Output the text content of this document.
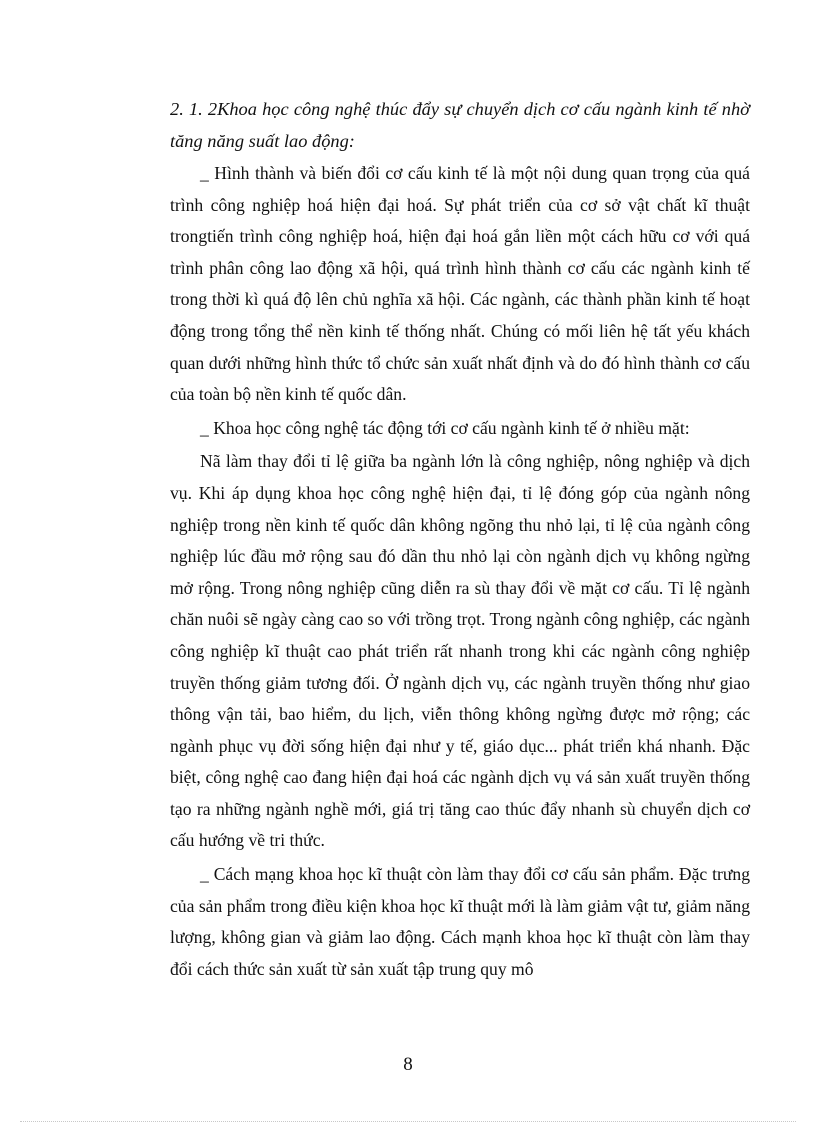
2. 1. 2Khoa học công nghệ thúc đẩy sự chuyển dịch cơ cấu ngành kinh tế nhờ tăng năng suất lao động:

_ Hình thành và biến đổi cơ cấu kinh tế là một nội dung quan trọng của quá trình công nghiệp hoá hiện đại hoá. Sự phát triển của cơ sở vật chất kĩ thuật trongtiến trình công nghiệp hoá, hiện đại hoá gắn liền một cách hữu cơ với quá trình phân công lao động xã hội, quá trình hình thành cơ cấu các ngành kinh tế trong thời kì quá độ lên chủ nghĩa xã hội. Các ngành, các thành phần kinh tế hoạt động trong tổng thể nền kinh tế thống nhất. Chúng có mối liên hệ tất yếu khách quan dưới những hình thức tổ chức sản xuất nhất định và do đó hình thành cơ cấu của toàn bộ nền kinh tế quốc dân.

_ Khoa học công nghệ tác động tới cơ cấu ngành kinh tế ở nhiều mặt:

Nã làm thay đổi tỉ lệ giữa ba ngành lớn là công nghiệp, nông nghiệp và dịch vụ. Khi áp dụng khoa học công nghệ hiện đại, tỉ lệ đóng góp của ngành nông nghiệp trong nền kinh tế quốc dân không ngõng thu nhỏ lại, tỉ lệ của ngành công nghiệp lúc đầu mở rộng sau đó dần thu nhỏ lại còn ngành dịch vụ không ngừng mở rộng. Trong nông nghiệp cũng diễn ra sù thay đổi về mặt cơ cấu. Tỉ lệ ngành chăn nuôi sẽ ngày càng cao so với trồng trọt. Trong ngành công nghiệp, các ngành công nghiệp kĩ thuật cao phát triển rất nhanh trong khi các ngành công nghiệp truyền thống giảm tương đối. Ở ngành dịch vụ, các ngành truyền thống như giao thông vận tải, bao hiểm, du lịch, viễn thông không ngừng được mở rộng; các ngành phục vụ đời sống hiện đại như y tế, giáo dục... phát triển khá nhanh. Đặc biệt, công nghệ cao đang hiện đại hoá các ngành dịch vụ vá sản xuất truyền thống tạo ra những ngành nghề mới, giá trị tăng cao thúc đẩy nhanh sù chuyển dịch cơ cấu hướng về tri thức.

_ Cách mạng khoa học kĩ thuật còn làm thay đổi cơ cấu sản phẩm. Đặc trưng của sản phẩm trong điều kiện khoa học kĩ thuật mới là làm giảm vật tư, giảm năng lượng, không gian và giảm lao động. Cách mạnh khoa học kĩ thuật còn làm thay đổi cách thức sản xuất từ sản xuất tập trung quy mô

8
